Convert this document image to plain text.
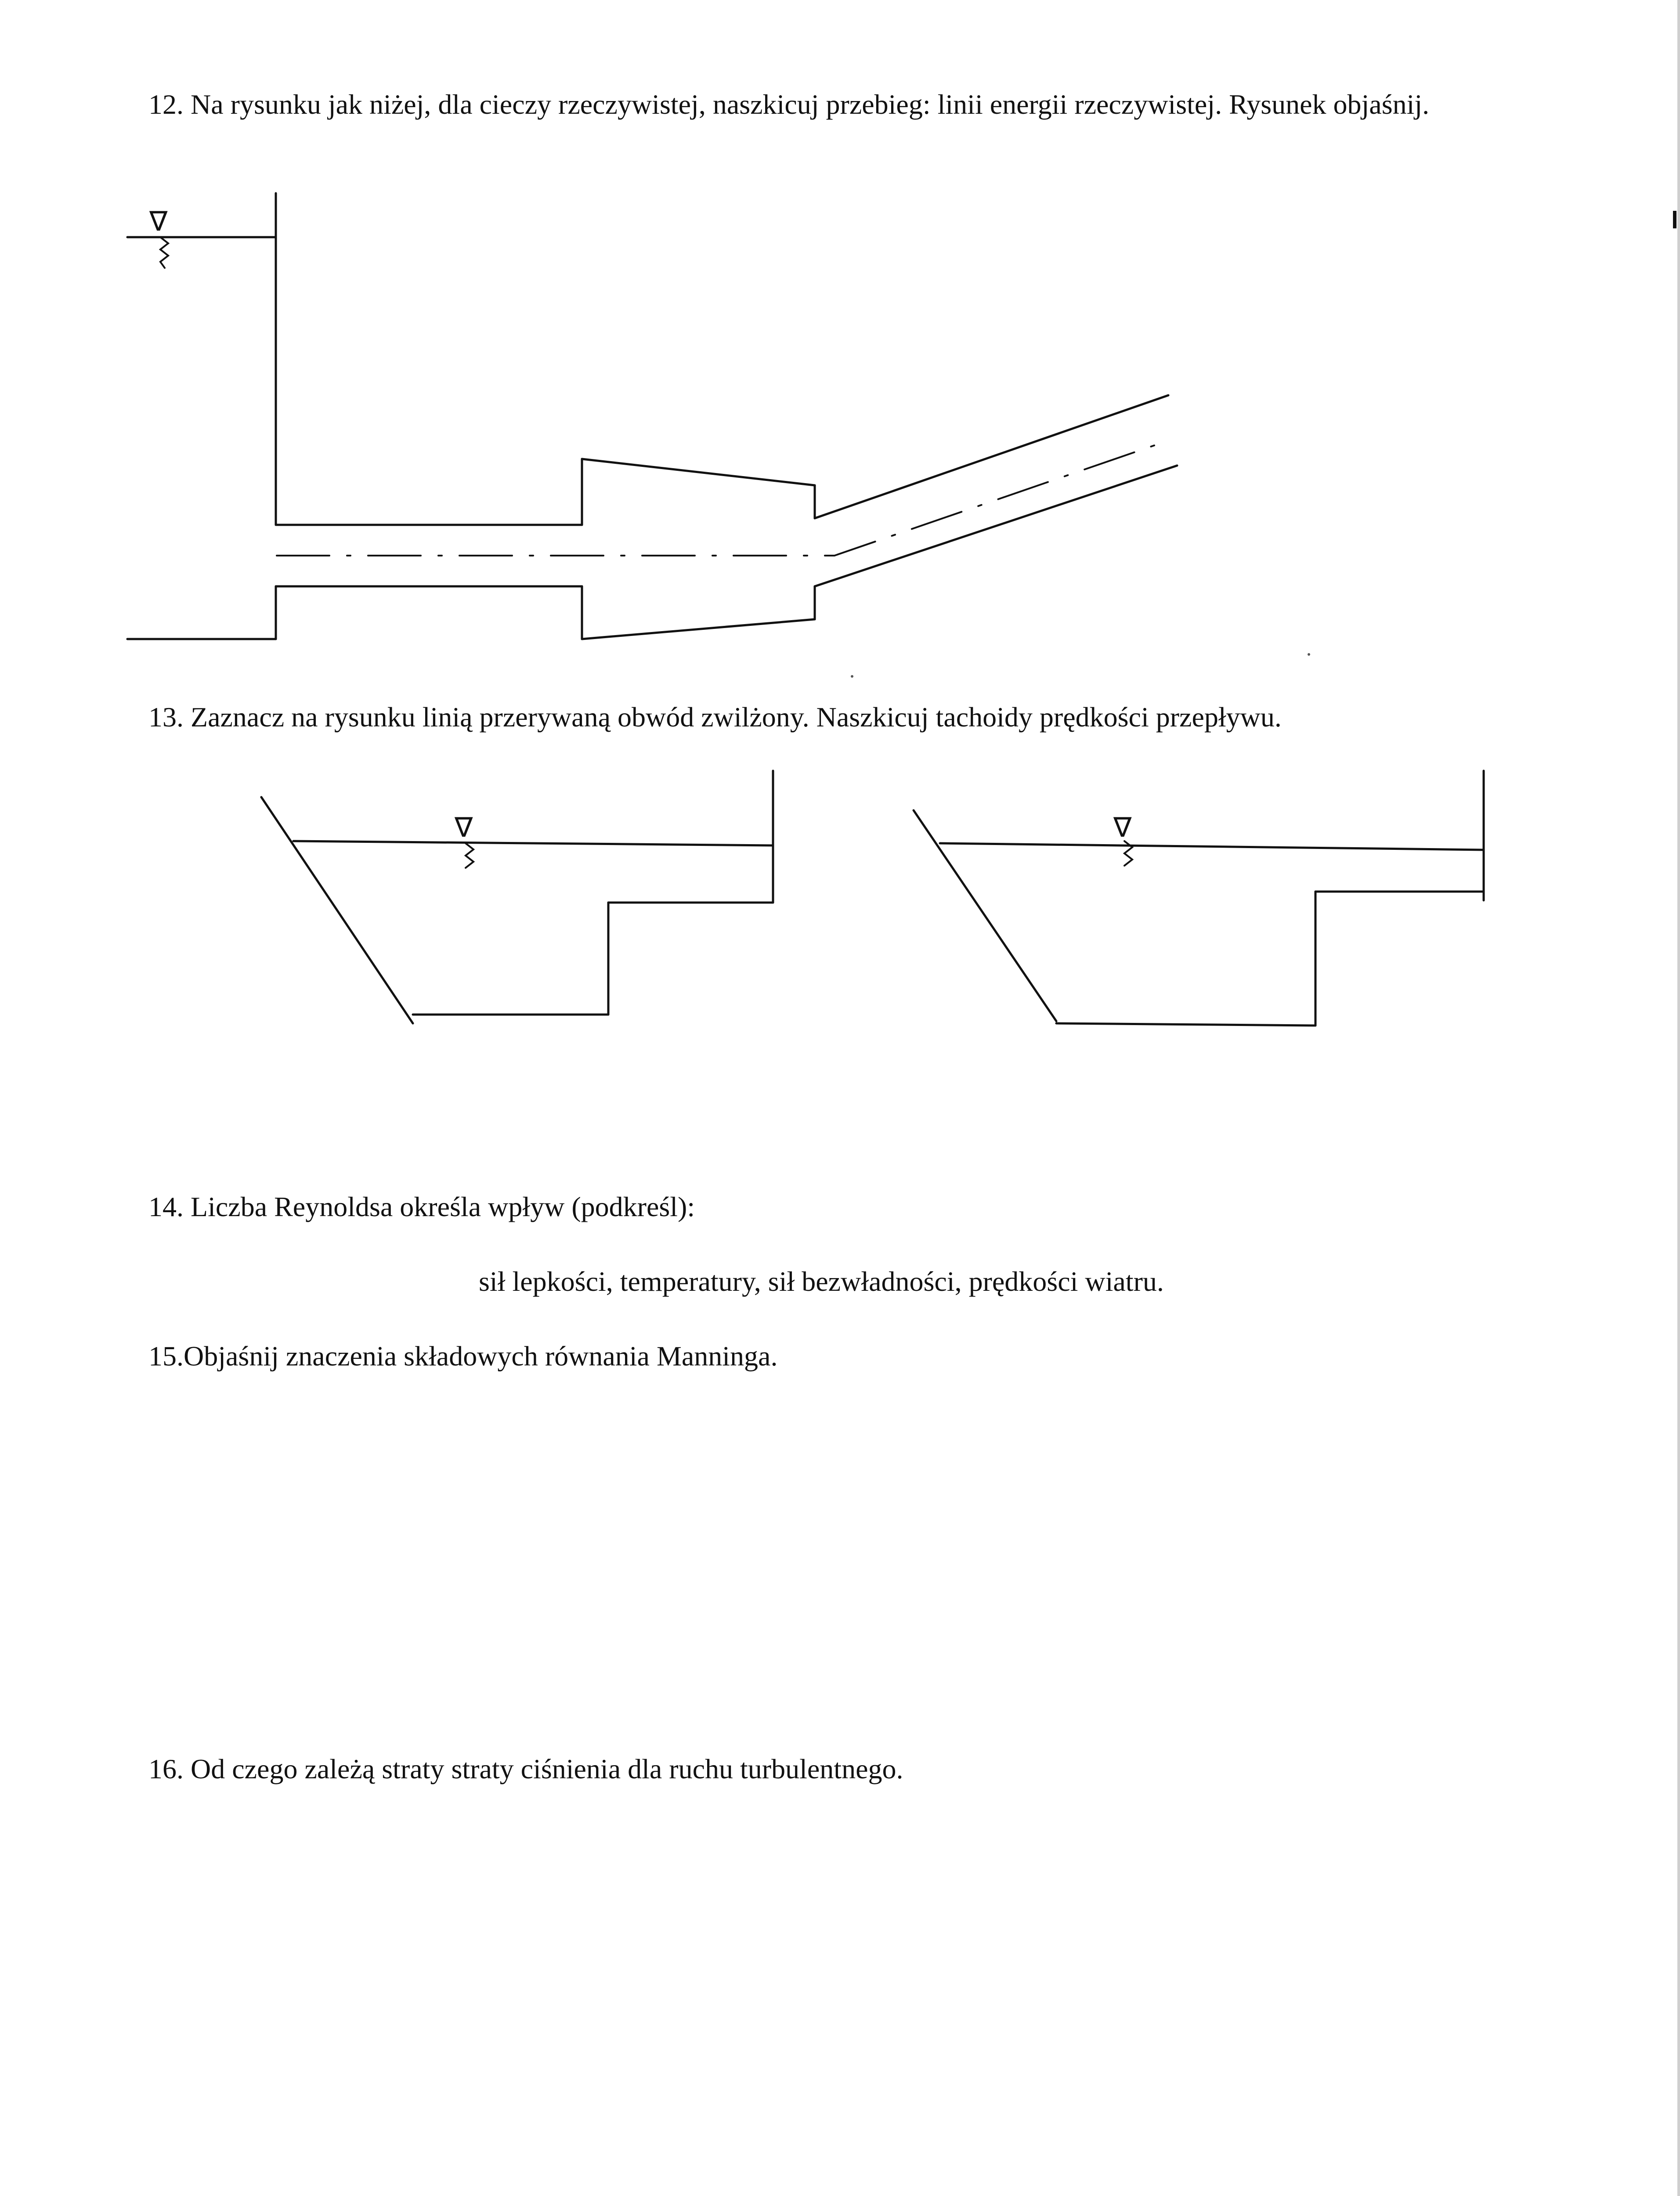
12. Na rysunku jak niżej, dla cieczy rzeczywistej, naszkicuj przebieg: linii energii rzeczywistej. Rysunek objaśnij.

∇

13. Zaznacz na rysunku linią przerywaną obwód zwilżony. Naszkicuj tachoidy prędkości przepływu.

∇	∇

14. Liczba Reynoldsa określa wpływ (podkreśl):

sił lepkości, temperatury, sił bezwładności, prędkości wiatru.

15.Objaśnij znaczenia składowych równania Manninga.

16. Od czego zależą straty straty ciśnienia dla ruchu turbulentnego.
